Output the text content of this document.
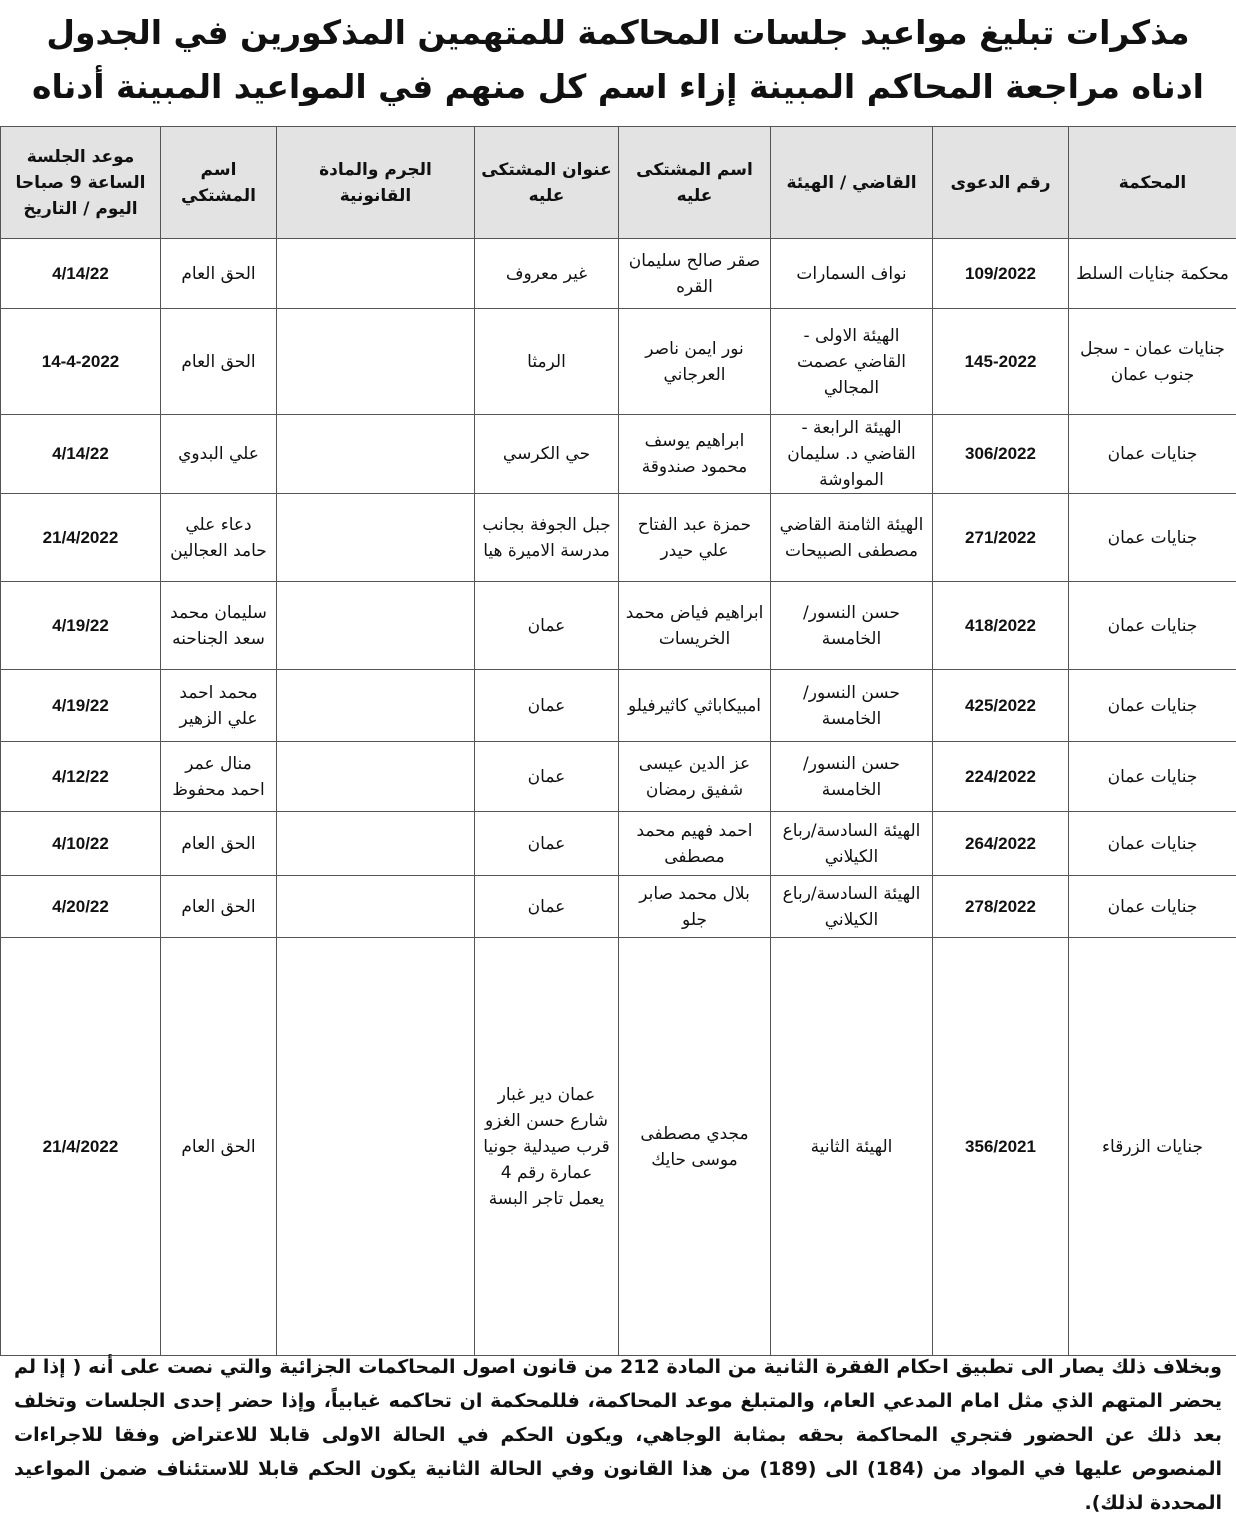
مذكرات تبليغ مواعيد جلسات المحاكمة للمتهمين المذكورين في الجدول ادناه مراجعة المحاكم المبينة إزاء اسم كل منهم في المواعيد المبينة أدناه
المحكمة	رقم الدعوى	القاضي / الهيئة	اسم المشتكى عليه	عنوان المشتكى عليه	الجرم والمادة القانونية	اسم المشتكي	موعد الجلسة الساعة 9 صباحا اليوم / التاريخ
محكمة جنايات السلط	109/2022	نواف السمارات	صقر صالح سليمان القره	غير معروف		الحق العام	4/14/22
جنايات عمان - سجل جنوب عمان	145-2022	الهيئة الاولى - القاضي عصمت المجالي	نور ايمن ناصر العرجاني	الرمثا		الحق العام	14-4-2022
جنايات عمان	306/2022	الهيئة الرابعة - القاضي د. سليمان المواوشة	ابراهيم يوسف محمود صندوقة	حي الكرسي		علي البدوي	4/14/22
جنايات عمان	271/2022	الهيئة الثامنة القاضي مصطفى الصبيحات	حمزة عبد الفتاح علي حيدر	جبل الجوفة بجانب مدرسة الاميرة هيا		دعاء علي حامد العجالين	21/4/2022
جنايات عمان	418/2022	حسن النسور/ الخامسة	ابراهيم فياض محمد الخريسات	عمان		سليمان محمد سعد الجناحنه	4/19/22
جنايات عمان	425/2022	حسن النسور/ الخامسة	امبيكاباثي كاثيرفيلو	عمان		محمد احمد علي الزهير	4/19/22
جنايات عمان	224/2022	حسن النسور/ الخامسة	عز الدين عيسى شفيق رمضان	عمان		منال عمر احمد محفوظ	4/12/22
جنايات عمان	264/2022	الهيئة السادسة/رباع الكيلاني	احمد فهيم محمد مصطفى	عمان		الحق العام	4/10/22
جنايات عمان	278/2022	الهيئة السادسة/رباع الكيلاني	بلال محمد صابر جلو	عمان		الحق العام	4/20/22
جنايات الزرقاء	356/2021	الهيئة الثانية	مجدي مصطفى موسى حايك	عمان دير غبار شارع حسن الغزو قرب صيدلية جونيا عمارة رقم 4 يعمل تاجر البسة		الحق العام	21/4/2022
وبخلاف ذلك يصار الى تطبيق احكام الفقرة الثانية من المادة 212 من قانون اصول المحاكمات الجزائية والتي نصت على أنه ( إذا لم يحضر المتهم الذي مثل امام المدعي العام، والمتبلغ موعد المحاكمة، فللمحكمة ان تحاكمه غيابياً، وإذا حضر إحدى الجلسات وتخلف بعد ذلك عن الحضور فتجري المحاكمة بحقه بمثابة الوجاهي، ويكون الحكم في الحالة الاولى قابلا للاعتراض وفقا للاجراءات المنصوص عليها في المواد من (184) الى (189) من هذا القانون وفي الحالة الثانية يكون الحكم قابلا للاستئناف ضمن المواعيد المحددة لذلك).
